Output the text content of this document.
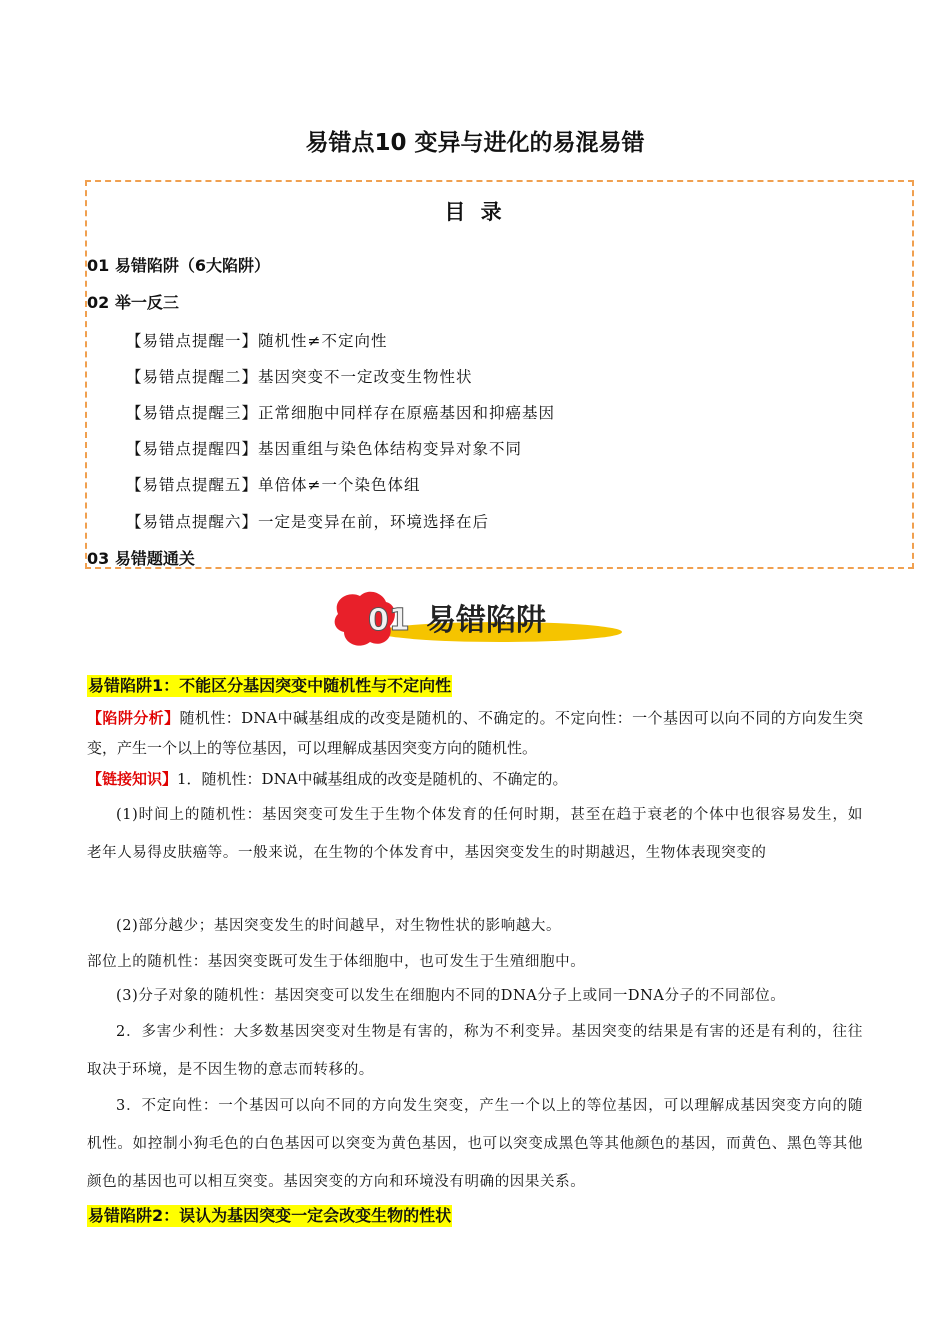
易错点10 变异与进化的易混易错
目 录
01 易错陷阱（6大陷阱）
02 举一反三
【易错点提醒一】随机性≠不定向性
【易错点提醒二】基因突变不一定改变生物性状
【易错点提醒三】正常细胞中同样存在原癌基因和抑癌基因
【易错点提醒四】基因重组与染色体结构变异对象不同
【易错点提醒五】单倍体≠一个染色体组
【易错点提醒六】一定是变异在前，环境选择在后
03 易错题通关
01 易错陷阱
易错陷阱1：不能区分基因突变中随机性与不定向性
【陷阱分析】随机性：DNA中碱基组成的改变是随机的、不确定的。不定向性：一个基因可以向不同的方向发生突变，产生一个以上的等位基因，可以理解成基因突变方向的随机性。
【链接知识】1．随机性：DNA中碱基组成的改变是随机的、不确定的。
(1)时间上的随机性：基因突变可发生于生物个体发育的任何时期，甚至在趋于衰老的个体中也很容易发生，如老年人易得皮肤癌等。一般来说，在生物的个体发育中，基因突变发生的时期越迟，生物体表现突变的
(2)部分越少；基因突变发生的时间越早，对生物性状的影响越大。
部位上的随机性：基因突变既可发生于体细胞中，也可发生于生殖细胞中。
(3)分子对象的随机性：基因突变可以发生在细胞内不同的DNA分子上或同一DNA分子的不同部位。
2．多害少利性：大多数基因突变对生物是有害的，称为不利变异。基因突变的结果是有害的还是有利的，往往取决于环境，是不因生物的意志而转移的。
3．不定向性：一个基因可以向不同的方向发生突变，产生一个以上的等位基因，可以理解成基因突变方向的随机性。如控制小狗毛色的白色基因可以突变为黄色基因，也可以突变成黑色等其他颜色的基因，而黄色、黑色等其他颜色的基因也可以相互突变。基因突变的方向和环境没有明确的因果关系。
易错陷阱2：误认为基因突变一定会改变生物的性状
